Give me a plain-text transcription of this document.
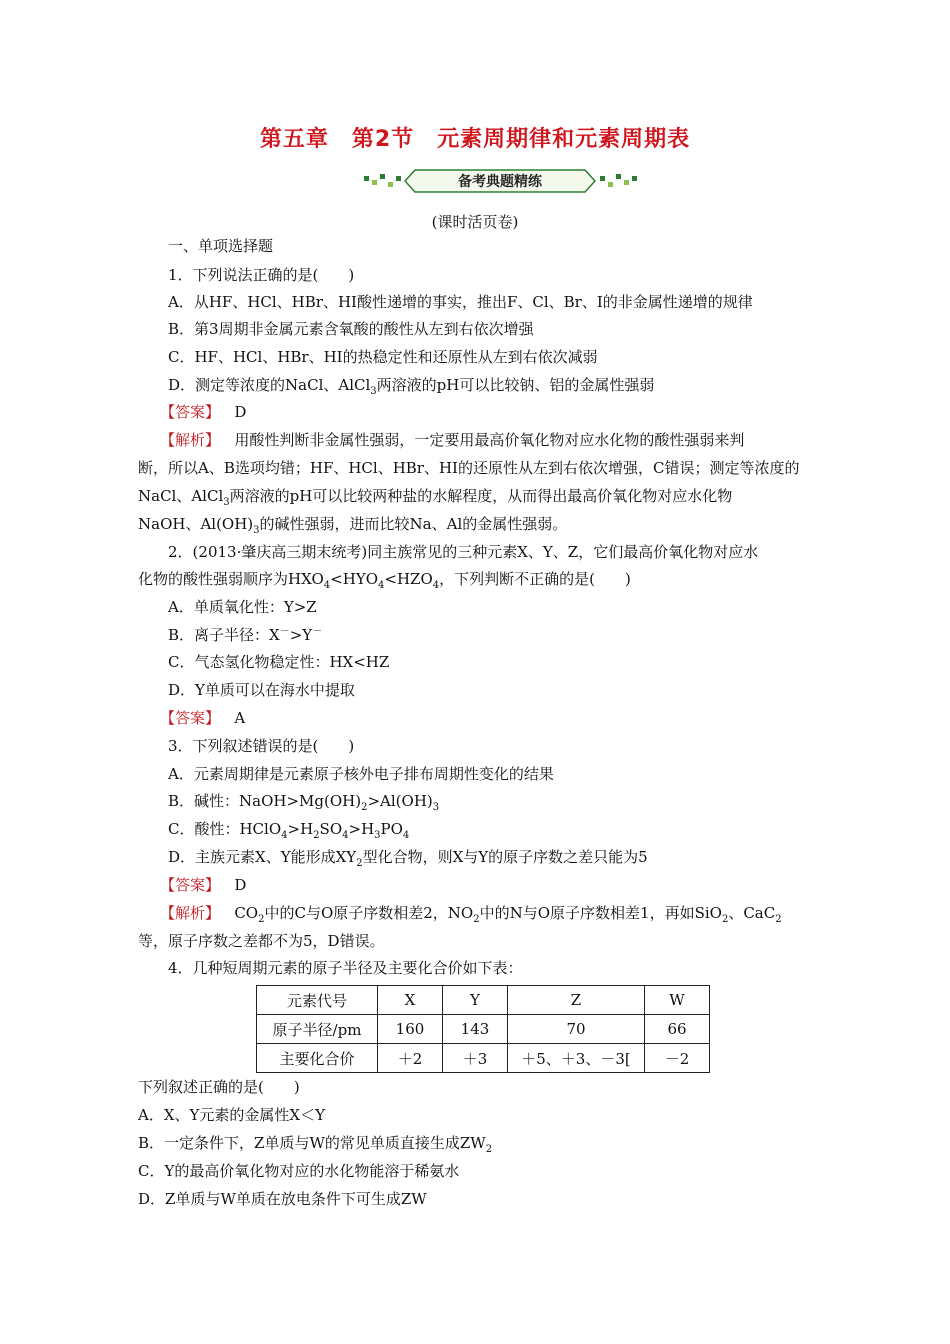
第五章　第2节　元素周期律和元素周期表
备考典题精练
(课时活页卷)
一、单项选择题
1．下列说法正确的是(　　)
A．从HF、HCl、HBr、HI酸性递增的事实，推出F、Cl、Br、I的非金属性递增的规律
B．第3周期非金属元素含氧酸的酸性从左到右依次增强
C．HF、HCl、HBr、HI的热稳定性和还原性从左到右依次减弱
D．测定等浓度的NaCl、AlCl$_3$两溶液的pH可以比较钠、铝的金属性强弱
【答案】 D
【解析】 用酸性判断非金属性强弱，一定要用最高价氧化物对应水化物的酸性强弱来判
断，所以A、B选项均错；HF、HCl、HBr、HI的还原性从左到右依次增强，C错误；测定等浓度的
NaCl、AlCl$_3$两溶液的pH可以比较两种盐的水解程度，从而得出最高价氧化物对应水化物
NaOH、$Al(OH)_3$的碱性强弱，进而比较Na、Al的金属性强弱。
2．(2013·肇庆高三期末统考)同主族常见的三种元素X、Y、Z，它们最高价氧化物对应水
化物的酸性强弱顺序为$HXO_4<HYO_4<HZO_4$，下列判断不正确的是(　　)
A．单质氧化性：Y>Z
B．离子半径：X－>Y－
C．气态氢化物稳定性：HX<HZ
D．Y单质可以在海水中提取
【答案】 A
3．下列叙述错误的是(　　)
A．元素周期律是元素原子核外电子排布周期性变化的结果
B．碱性：$NaOH>Mg(OH)_2>Al(OH)_3$
C．酸性：$HClO_4>H_2SO_4>H_3PO_4$
D．主族元素X、Y能形成$XY_2$型化合物，则X与Y的原子序数之差只能为5
【答案】 D
【解析】 $CO_2$中的C与O原子序数相差2，$NO_2$中的N与O原子序数相差1，再如SiO$_2$、CaC$_2$
等，原子序数之差都不为5，D错误。
4．几种短周期元素的原子半径及主要化合价如下表：
元素代号	X	Y	Z	W
原子半径/pm	160	143	70	66
主要化合价	＋2	＋3	＋5、＋3、－3[	－2
下列叙述正确的是(　　)
A．X、Y元素的金属性X＜Y
B．一定条件下，Z单质与W的常见单质直接生成$ZW_2$
C．Y的最高价氧化物对应的水化物能溶于稀氨水
D．Z单质与W单质在放电条件下可生成ZW
